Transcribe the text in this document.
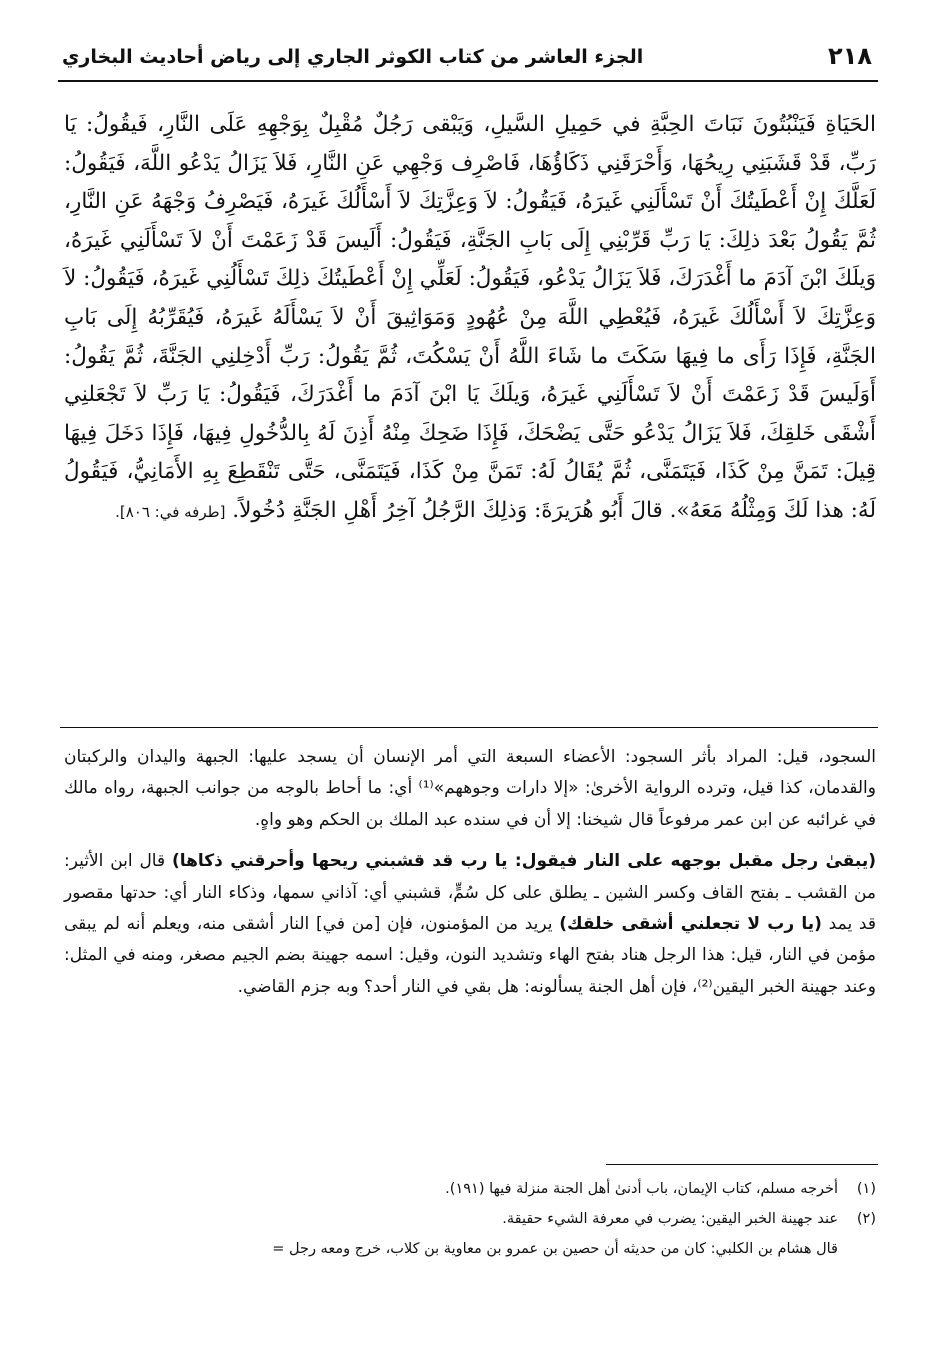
٢١٨
الجزء العاشر من كتاب الكوثر الجاري إلى رياض أحاديث البخاري
الحَيَاةِ فَيَنْبُتُونَ نَبَاتَ الحِبَّةِ في حَمِيلِ السَّيلِ، وَيَبْقى رَجُلٌ مُقْبِلٌ بِوَجْهِهِ عَلَى النَّارِ، فَيقُولُ: يَا رَبِّ، قَدْ قَشَبَنِي رِيحُهَا، وَأَحْرَقَنِي ذَكَاؤُهَا، فَاصْرِف وَجْهِي عَنِ النَّارِ، فَلاَ يَزَالُ يَدْعُو اللَّهَ، فَيَقُولُ: لَعَلَّكَ إِنْ أَعْطَيتُكَ أَنْ تَسْأَلَنِي غَيرَهُ، فَيَقُولُ: لاَ وَعِزَّتِكَ لاَ أَسْأَلُكَ غَيرَهُ، فَيَصْرِفُ وَجْهَهُ عَنِ النَّارِ، ثُمَّ يَقُولُ بَعْدَ ذلِكَ: يَا رَبِّ قَرِّبْنِي إِلَى بَابِ الجَنَّةِ، فَيَقُولُ: أَلَيسَ قَدْ زَعَمْتَ أَنْ لاَ تَسْأَلَنِي غَيرَهُ، وَيلَكَ ابْنَ آدَمَ ما أَغْدَرَكَ، فَلاَ يَزَالُ يَدْعُو، فَيَقُولُ: لَعَلِّي إِنْ أَعْطَيتُكَ ذلِكَ تَسْأَلُنِي غَيرَهُ، فَيَقُولُ: لاَ وَعِزَّتِكَ لاَ أَسْأَلُكَ غَيرَهُ، فَيُعْطِي اللَّهَ مِنْ عُهُودٍ وَمَوَاثِيقَ أَنْ لاَ يَسْأَلَهُ غَيرَهُ، فَيُقَرِّبُهُ إِلَى بَابِ الجَنَّةِ، فَإِذَا رَأَى ما فِيهَا سَكَتَ ما شَاءَ اللَّهُ أَنْ يَسْكُتَ، ثُمَّ يَقُولُ: رَبِّ أَدْخِلنِي الجَنَّةَ، ثُمَّ يَقُولُ: أَوَلَيسَ قَدْ زَعَمْتَ أَنْ لاَ تَسْأَلَنِي غَيرَهُ، وَيلَكَ يَا ابْنَ آدَمَ ما أَغْدَرَكَ، فَيَقُولُ: يَا رَبِّ لاَ تَجْعَلنِي أَشْقَى خَلقِكَ، فَلاَ يَزَالُ يَدْعُو حَتَّى يَضْحَكَ، فَإِذَا ضَحِكَ مِنْهُ أَذِنَ لَهُ بِالدُّخُولِ فِيهَا، فَإِذَا دَخَلَ فِيهَا قِيلَ: تَمَنَّ مِنْ كَذَا، فَيَتَمَنَّى، ثُمَّ يُقَالُ لَهُ: تَمَنَّ مِنْ كَذَا، فَيَتَمَنَّى، حَتَّى تَنْقَطِعَ بِهِ الأَمَانِيُّ، فَيَقُولُ لَهُ: هذا لَكَ وَمِثْلُهُ مَعَهُ». قالَ أَبُو هُرَيرَةَ: وَذلِكَ الرَّجُلُ آخِرُ أَهْلِ الجَنَّةِ دُخُولاً. [طرفه في: ٨٠٦].

السجود، قيل: المراد بأثر السجود: الأعضاء السبعة التي أمر الإنسان أن يسجد عليها: الجبهة واليدان والركبتان والقدمان، كذا قيل، وترده الرواية الأخرىٰ: «إلا دارات وجوههم»⁽¹⁾ أي: ما أحاط بالوجه من جوانب الجبهة، رواه مالك في غرائبه عن ابن عمر مرفوعاً قال شيخنا: إلا أن في سنده عبد الملك بن الحكم وهو واهٍ.

(يبقىٰ رجل مقبل بوجهه على النار فيقول: يا رب قد قشبني ريحها وأحرقني ذكاها) قال ابن الأثير: من القشب ـ بفتح القاف وكسر الشين ـ يطلق على كل سُمٍّ، قشبني أي: آذاني سمها، وذكاء النار أي: حدتها مقصور قد يمد (يا رب لا تجعلني أشقى خلقك) يريد من المؤمنون، فإن [من في] النار أشقى منه، ويعلم أنه لم يبقى مؤمن في النار، قيل: هذا الرجل هناد بفتح الهاء وتشديد النون، وقيل: اسمه جهينة بضم الجيم مصغر، ومنه في المثل: وعند جهينة الخبر اليقين⁽²⁾، فإن أهل الجنة يسألونه: هل بقي في النار أحد؟ وبه جزم القاضي.

(١)
أخرجه مسلم، كتاب الإيمان، باب أدنىٰ أهل الجنة منزلة فيها (١٩١).
(٢)
عند جهينة الخبر اليقين: يضرب في معرفة الشيء حقيقة.
قال هشام بن الكلبي: كان من حديثه أن حصين بن عمرو بن معاوية بن كلاب، خرج ومعه رجل =
